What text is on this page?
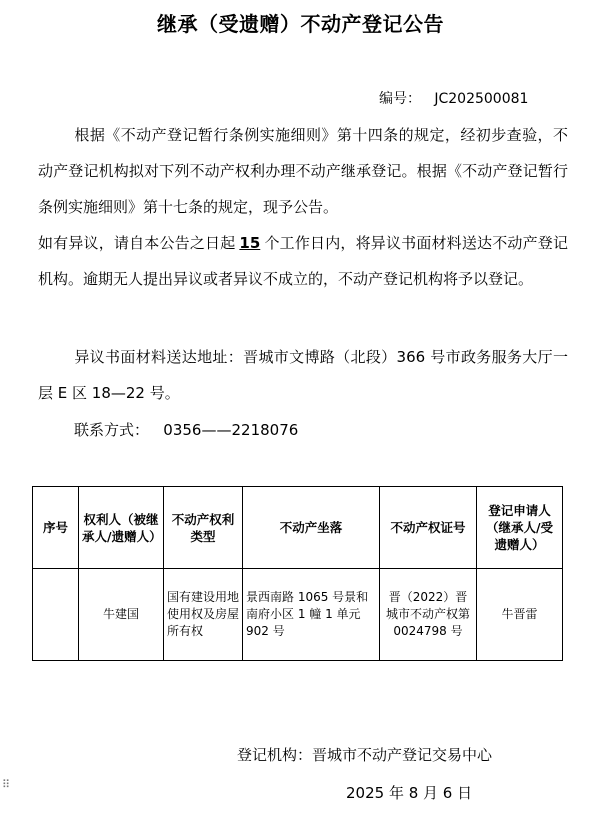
继承（受遗赠）不动产登记公告
编号：   JC202500081
根据《不动产登记暂行条例实施细则》第十四条的规定，经初步查验，不动产登记机构拟对下列不动产权利办理不动产继承登记。根据《不动产登记暂行条例实施细则》第十七条的规定，现予公告。
如有异议，请自本公告之日起 15 个工作日内，将异议书面材料送达不动产登记机构。逾期无人提出异议或者异议不成立的，不动产登记机构将予以登记。
异议书面材料送达地址：晋城市文博路（北段）366 号市政务服务大厅一层 E 区 18—22 号。
联系方式：   0356——2218076
序号	权利人（被继承人/遗赠人）	不动产权利类型	不动产坐落	不动产权证号	登记申请人（继承人/受遗赠人）
	牛建国	国有建设用地使用权及房屋所有权	景西南路 1065 号景和南府小区 1 幢 1 单元 902 号	晋（2022）晋城市不动产权第 0024798 号	牛晋雷
登记机构：晋城市不动产登记交易中心
2025 年 8 月 6 日
⠿
